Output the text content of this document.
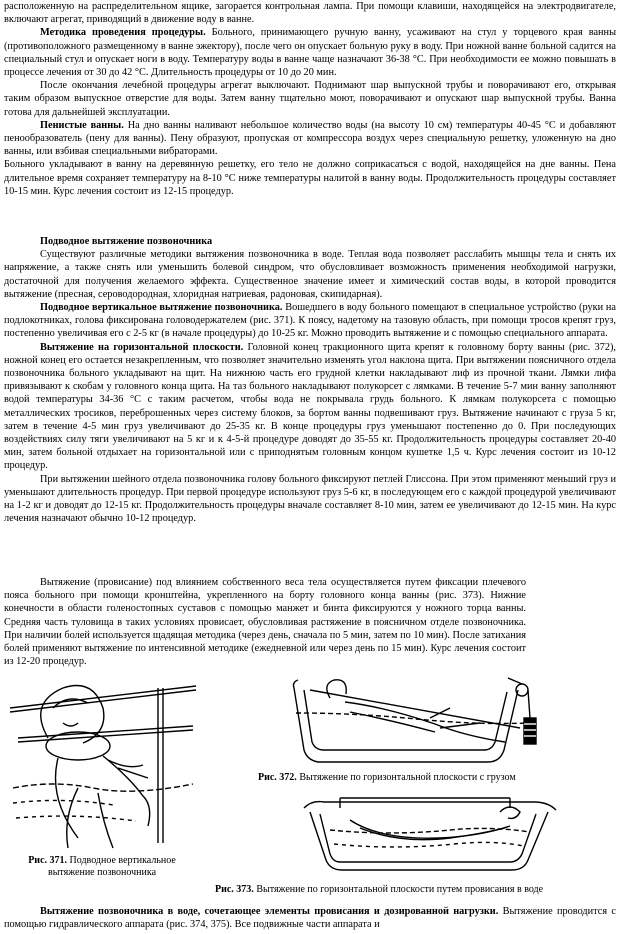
расположенную на распределительном ящике, загорается контрольная лампа. При помощи клавиши, находящейся на электродвигателе, включают агрегат, приводящий в движение воду в ванне.

Методика проведения процедуры. Больного, принимающего ручную ванну, усаживают на стул у торцевого края ванны (противоположного размещенному в ванне эжектору), после чего он опускает больную руку в воду. При ножной ванне больной садится на специальный стул и опускает ноги в воду. Температуру воды в ванне чаще назначают 36-38 °С. При необходимости ее можно повышать в процессе лечения от 30 до 42 °С. Длительность процедуры от 10 до 20 мин.

После окончания лечебной процедуры агрегат выключают. Поднимают шар выпускной трубы и поворачивают его, открывая таким образом выпускное отверстие для воды. Затем ванну тщательно моют, поворачивают и опускают шар выпускной трубы. Ванна готова для дальнейшей эксплуатации.

Пенистые ванны. На дно ванны наливают небольшое количество воды (на высоту 10 см) температуры 40-45 °С и добавляют пенообразователь (пену для ванны). Пену образуют, пропуская от компрессора воздух через специальную решетку, уложенную на дно ванны, или взбивая специальными вибраторами.

Больного укладывают в ванну на деревянную решетку, его тело не должно соприкасаться с водой, находящейся на дне ванны. Пена длительное время сохраняет температуру на 8-10 °С ниже температуры налитой в ванну воды. Продолжительность процедуры составляет 10-15 мин. Курс лечения состоит из 12-15 процедур.

Подводное вытяжение позвоночника

Существуют различные методики вытяжения позвоночника в воде. Теплая вода позволяет расслабить мышцы тела и снять их напряжение, а также снять или уменьшить болевой синдром, что обусловливает возможность применения необходимой нагрузки, достаточной для получения желаемого эффекта. Существенное значение имеет и химический состав воды, в которой проводится вытяжение (пресная, сероводородная, хлоридная натриевая, радоновая, скипидарная).

Подводное вертикальное вытяжение позвоночника. Вошедшего в воду больного помещают в специальное устройство (руки на подлокотниках, голова фиксирована головодержателем (рис. 371). К поясу, надетому на тазовую область, при помощи тросов крепят груз, постепенно увеличивая его с 2-5 кг (в начале процедуры) до 10-25 кг. Можно проводить вытяжение и с помощью специального аппарата.

Вытяжение на горизонтальной плоскости. Головной конец тракционного щита крепят к головному борту ванны (рис. 372), ножной конец его остается незакрепленным, что позволяет значительно изменять угол наклона щита. При вытяжении поясничного отдела позвоночника больного укладывают на щит. На нижнюю часть его грудной клетки накладывают лиф из прочной ткани. Лямки лифа привязывают к скобам у головного конца щита. На таз больного накладывают полукорсет с лямками. В течение 5-7 мин ванну заполняют водой температуры 34-36 °С с таким расчетом, чтобы вода не покрывала грудь больного. К лямкам полукорсета с помощью металлических тросиков, переброшенных через систему блоков, за бортом ванны подвешивают груз. Вытяжение начинают с груза 5 кг, затем в течение 4-5 мин груз увеличивают до 25-35 кг. В конце процедуры груз уменьшают постепенно до 0. При последующих воздействиях силу тяги увеличивают на 5 кг и к 4-5-й процедуре доводят до 35-55 кг. Продолжительность процедуры составляет 20-40 мин, затем больной отдыхает на горизонтальной или с приподнятым головным концом кушетке 1,5 ч. Курс лечения состоит из 10-12 процедур.

При вытяжении шейного отдела позвоночника голову больного фиксируют петлей Глиссона. При этом применяют меньший груз и уменьшают длительность процедур. При первой процедуре используют груз 5-6 кг, в последующем его с каждой процедурой увеличивают на 1-2 кг и доводят до 12-15 кг. Продолжительность процедуры вначале составляет 8-10 мин, затем ее увеличивают до 12-15 мин. На курс лечения назначают обычно 10-12 процедур.

Вытяжение (провисание) под влиянием собственного веса тела осуществляется путем фиксации плечевого пояса больного при помощи кронштейна, укрепленного на борту головного конца ванны (рис. 373). Нижние конечности в области голеностопных суставов с помощью манжет и бинта фиксируются у ножного торца ванны. Средняя часть туловища в таких условиях провисает, обусловливая растяжение в поясничном отделе позвоночника. При наличии болей используется щадящая методика (через день, сначала по 5 мин, затем по 10 мин). После затихания болей применяют вытяжение по интенсивной методике (ежедневной или через день по 15 мин). Курс лечения состоит из 12-20 процедур.

Рис. 371. Подводное вертикальное вытяжение позвоночника
Рис. 372. Вытяжение по горизонтальной плоскости с грузом
Рис. 373. Вытяжение по горизонтальной плоскости путем провисания в воде

Вытяжение позвоночника в воде, сочетающее элементы провисания и дозированной нагрузки. Вытяжение проводится с помощью гидравлического аппарата (рис. 374, 375). Все подвижные части аппарата и
